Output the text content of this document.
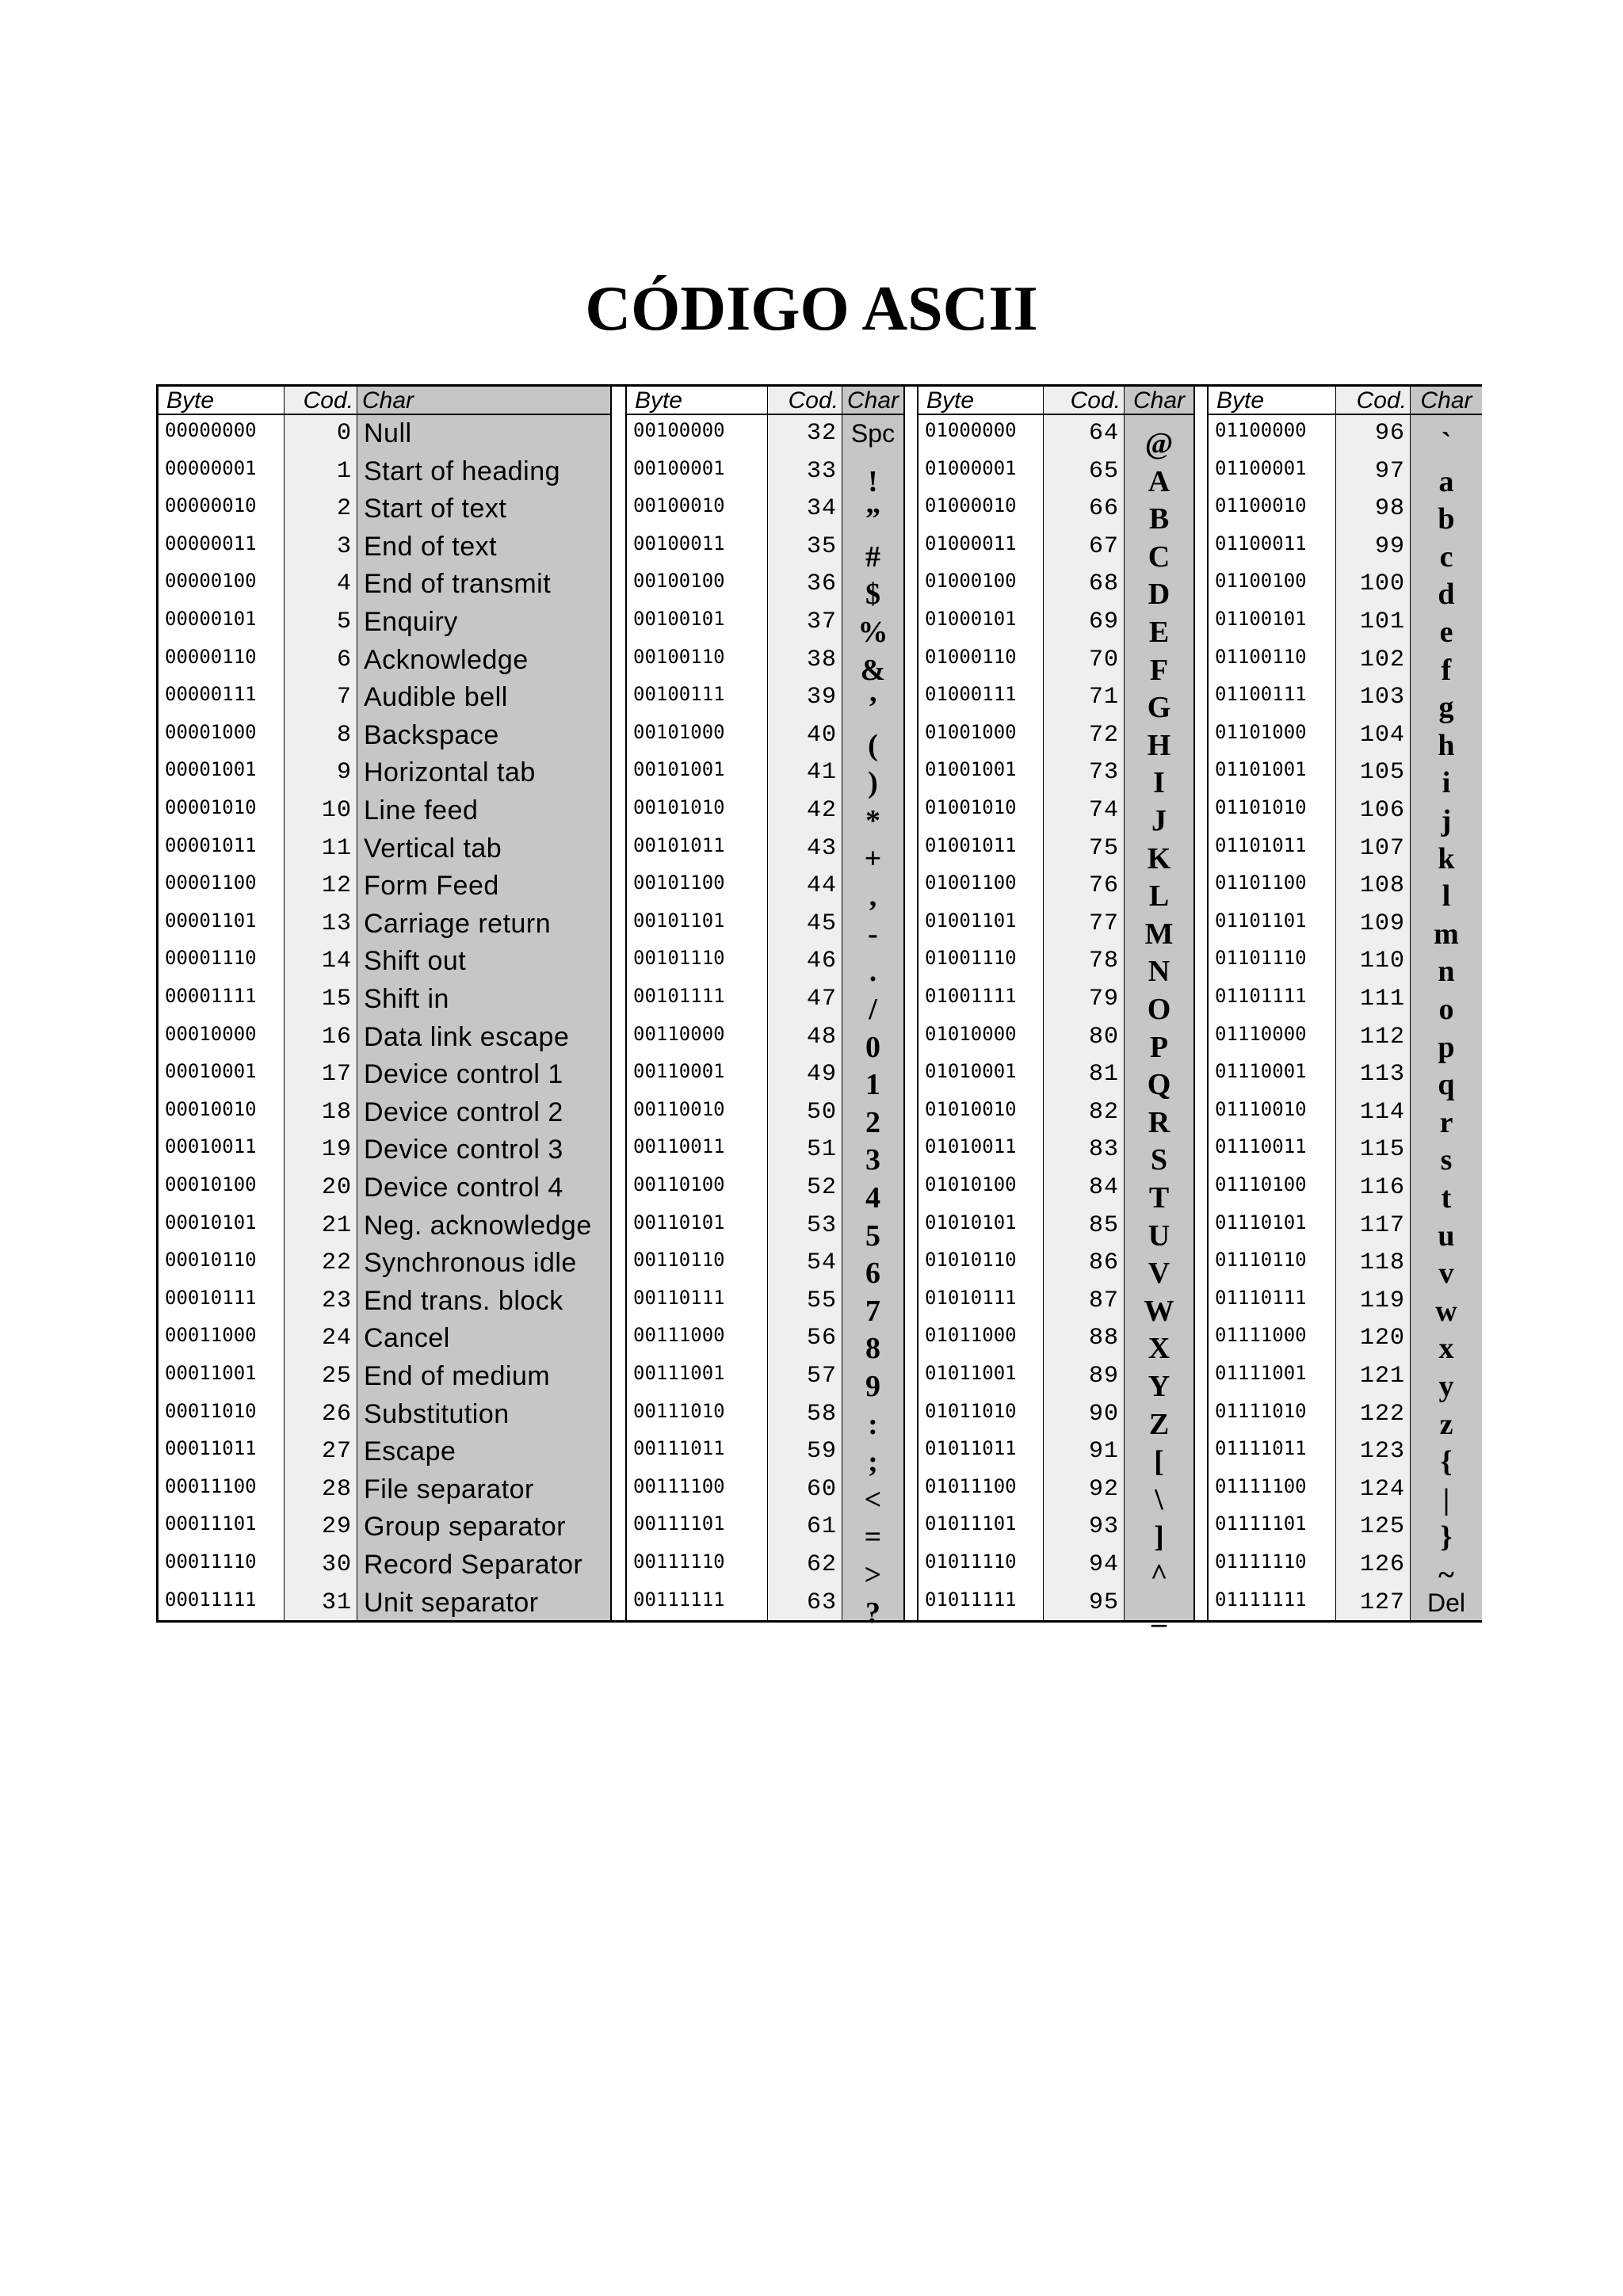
CÓDIGO ASCII
Byte
00000000
00000001
00000010
00000011
00000100
00000101
00000110
00000111
00001000
00001001
00001010
00001011
00001100
00001101
00001110
00001111
00010000
00010001
00010010
00010011
00010100
00010101
00010110
00010111
00011000
00011001
00011010
00011011
00011100
00011101
00011110
00011111
Cod.
0
1
2
3
4
5
6
7
8
9
10
11
12
13
14
15
16
17
18
19
20
21
22
23
24
25
26
27
28
29
30
31
Char
Null
Start of heading
Start of text
End of text
End of transmit
Enquiry
Acknowledge
Audible bell
Backspace
Horizontal tab
Line feed
Vertical tab
Form Feed
Carriage return
Shift out
Shift in
Data link escape
Device control 1
Device control 2
Device control 3
Device control 4
Neg. acknowledge
Synchronous idle
End trans. block
Cancel
End of medium
Substitution
Escape
File separator
Group separator
Record Separator
Unit separator
Byte
00100000
00100001
00100010
00100011
00100100
00100101
00100110
00100111
00101000
00101001
00101010
00101011
00101100
00101101
00101110
00101111
00110000
00110001
00110010
00110011
00110100
00110101
00110110
00110111
00111000
00111001
00111010
00111011
00111100
00111101
00111110
00111111
Cod.
32
33
34
35
36
37
38
39
40
41
42
43
44
45
46
47
48
49
50
51
52
53
54
55
56
57
58
59
60
61
62
63
Char
Spc
!
”
#
$
%
&
’
(
)
*
+
,
-
.
/
0
1
2
3
4
5
6
7
8
9
:
;
<
=
>
?
Byte
01000000
01000001
01000010
01000011
01000100
01000101
01000110
01000111
01001000
01001001
01001010
01001011
01001100
01001101
01001110
01001111
01010000
01010001
01010010
01010011
01010100
01010101
01010110
01010111
01011000
01011001
01011010
01011011
01011100
01011101
01011110
01011111
Cod.
64
65
66
67
68
69
70
71
72
73
74
75
76
77
78
79
80
81
82
83
84
85
86
87
88
89
90
91
92
93
94
95
Char
@
A
B
C
D
E
F
G
H
I
J
K
L
M
N
O
P
Q
R
S
T
U
V
W
X
Y
Z
[
\
]
^
_
Byte
01100000
01100001
01100010
01100011
01100100
01100101
01100110
01100111
01101000
01101001
01101010
01101011
01101100
01101101
01101110
01101111
01110000
01110001
01110010
01110011
01110100
01110101
01110110
01110111
01111000
01111001
01111010
01111011
01111100
01111101
01111110
01111111
Cod.
96
97
98
99
100
101
102
103
104
105
106
107
108
109
110
111
112
113
114
115
116
117
118
119
120
121
122
123
124
125
126
127
Char
`
a
b
c
d
e
f
g
h
i
j
k
l
m
n
o
p
q
r
s
t
u
v
w
x
y
z
{
|
}
~
Del
